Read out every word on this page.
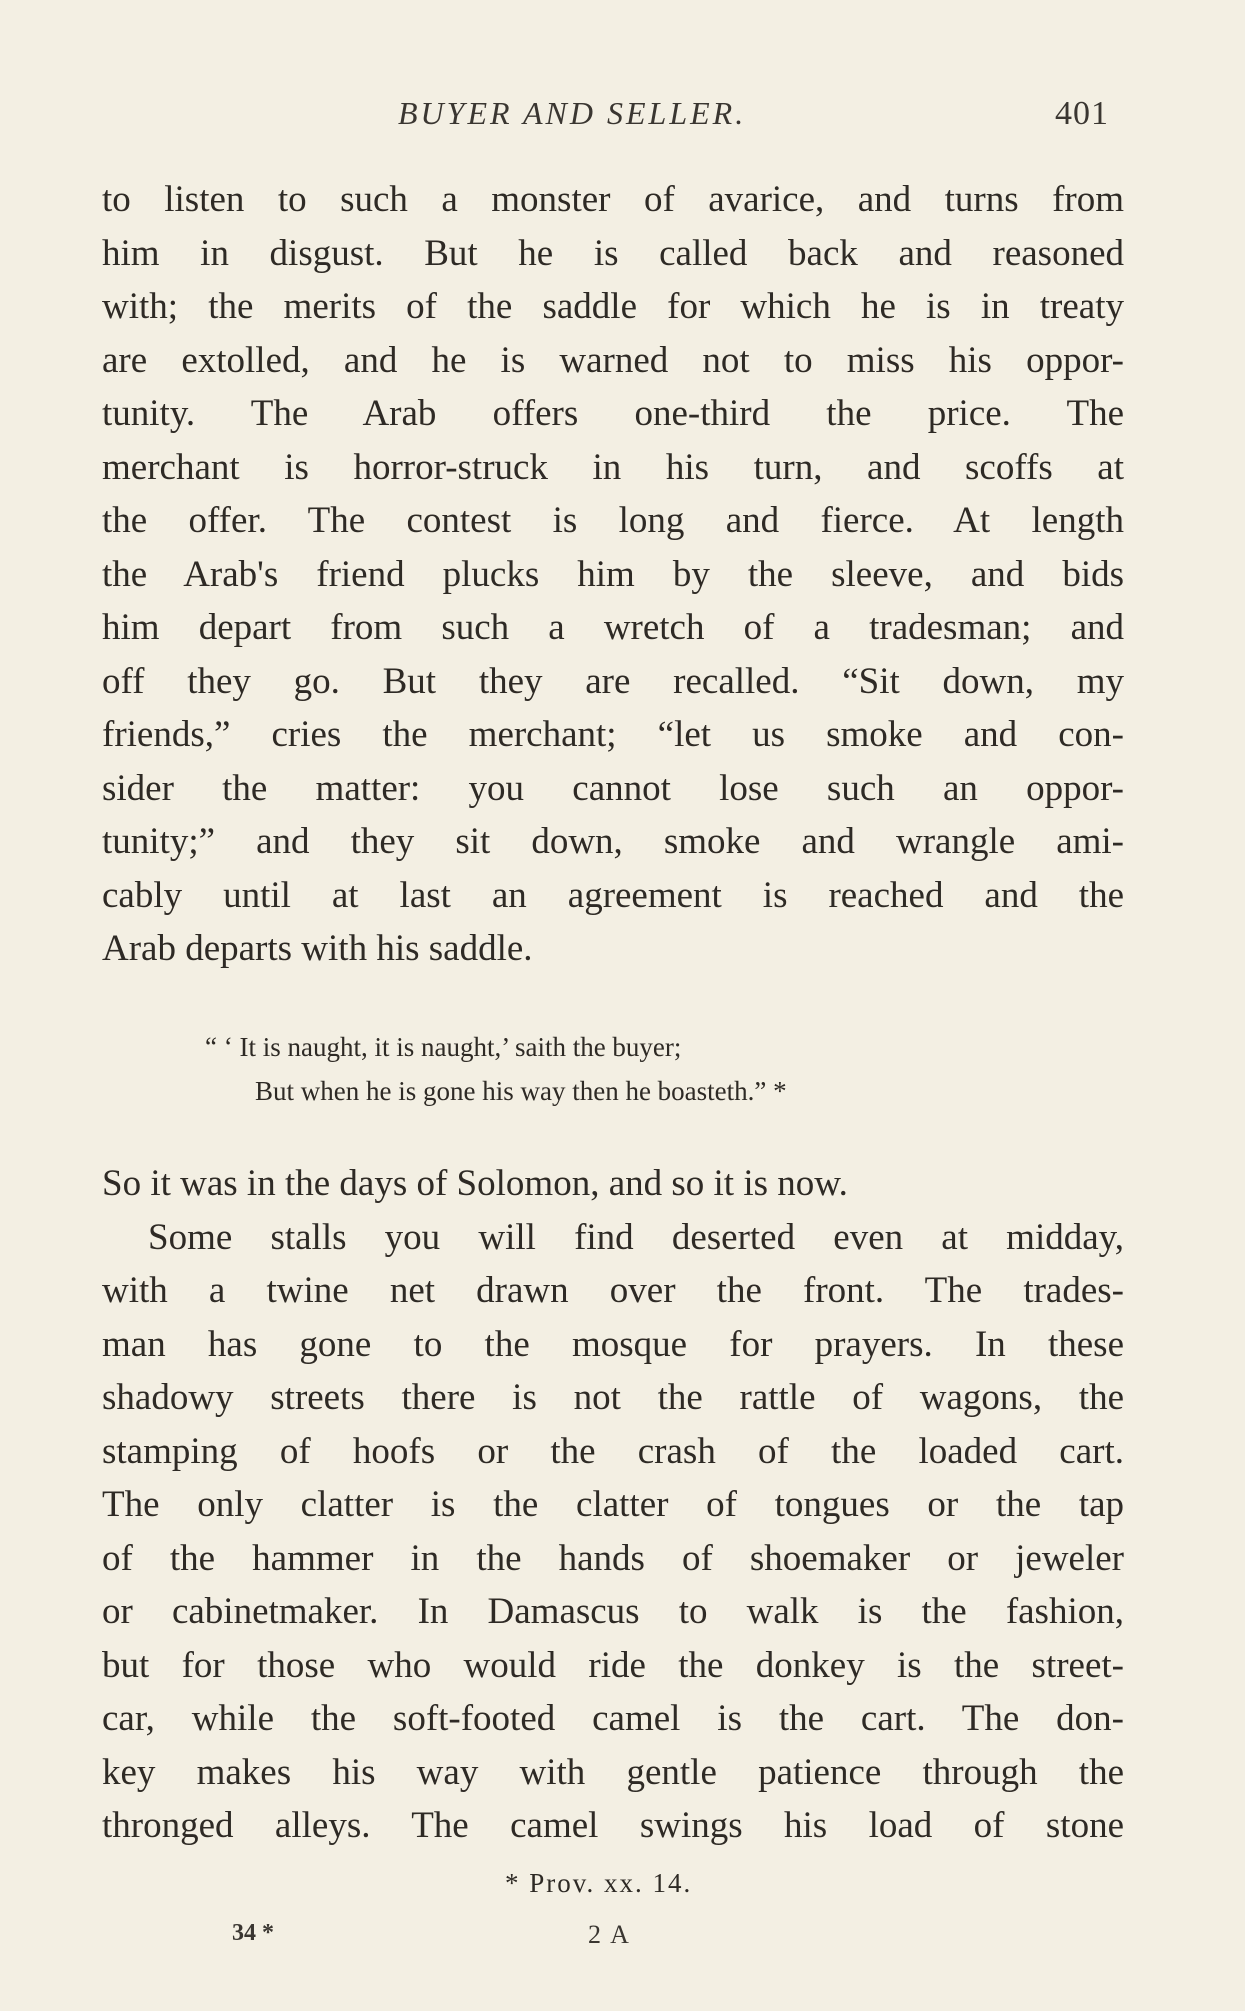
BUYER AND SELLER.	401
to listen to such a monster of avarice, and turns from
him in disgust. But he is called back and reasoned
with; the merits of the saddle for which he is in treaty
are extolled, and he is warned not to miss his oppor-
tunity. The Arab offers one-third the price. The
merchant is horror-struck in his turn, and scoffs at
the offer. The contest is long and fierce. At length
the Arab's friend plucks him by the sleeve, and bids
him depart from such a wretch of a tradesman; and
off they go. But they are recalled. “Sit down, my
friends,” cries the merchant; “let us smoke and con-
sider the matter: you cannot lose such an oppor-
tunity;” and they sit down, smoke and wrangle ami-
cably until at last an agreement is reached and the
Arab departs with his saddle.
“ ‘ It is naught, it is naught,’ saith the buyer;
But when he is gone his way then he boasteth.” *
So it was in the days of Solomon, and so it is now.
Some stalls you will find deserted even at midday,
with a twine net drawn over the front. The trades-
man has gone to the mosque for prayers. In these
shadowy streets there is not the rattle of wagons, the
stamping of hoofs or the crash of the loaded cart.
The only clatter is the clatter of tongues or the tap
of the hammer in the hands of shoemaker or jeweler
or cabinetmaker. In Damascus to walk is the fashion,
but for those who would ride the donkey is the street-
car, while the soft-footed camel is the cart. The don-
key makes his way with gentle patience through the
thronged alleys. The camel swings his load of stone
* Prov. xx. 14.
34 *	2 A
